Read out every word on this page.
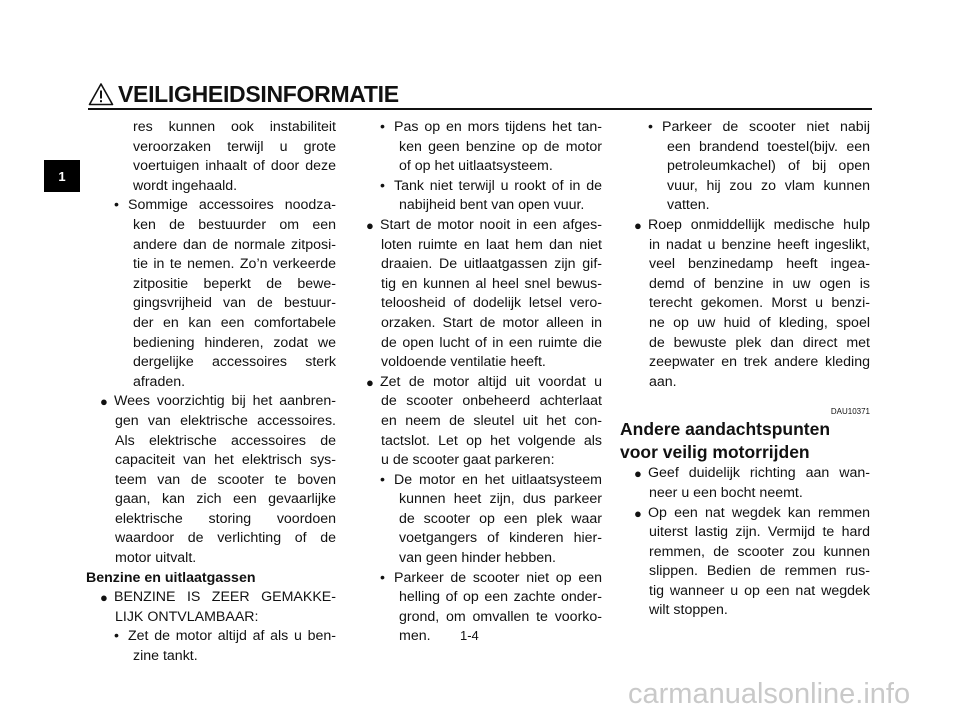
VEILIGHEIDSINFORMATIE
1
res kunnen ook instabiliteit
veroorzaken terwijl u grote
voertuigen inhaalt of door deze
wordt ingehaald.
• Sommige accessoires noodza-
ken de bestuurder om een
andere dan de normale zitposi-
tie in te nemen. Zo’n verkeerde
zitpositie beperkt de bewe-
gingsvrijheid van de bestuur-
der en kan een comfortabele
bediening hinderen, zodat we
dergelijke accessoires sterk
afraden.
● Wees voorzichtig bij het aanbren-
gen van elektrische accessoires.
Als elektrische accessoires de
capaciteit van het elektrisch sys-
teem van de scooter te boven
gaan, kan zich een gevaarlijke
elektrische storing voordoen
waardoor de verlichting of de
motor uitvalt.
Benzine en uitlaatgassen
● BENZINE IS ZEER GEMAKKE-
LIJK ONTVLAMBAAR:
• Zet de motor altijd af als u ben-
zine tankt.
• Pas op en mors tijdens het tan-
ken geen benzine op de motor
of op het uitlaatsysteem.
• Tank niet terwijl u rookt of in de
nabijheid bent van open vuur.
● Start de motor nooit in een afges-
loten ruimte en laat hem dan niet
draaien. De uitlaatgassen zijn gif-
tig en kunnen al heel snel bewus-
teloosheid of dodelijk letsel vero-
orzaken. Start de motor alleen in
de open lucht of in een ruimte die
voldoende ventilatie heeft.
● Zet de motor altijd uit voordat u
de scooter onbeheerd achterlaat
en neem de sleutel uit het con-
tactslot. Let op het volgende als
u de scooter gaat parkeren:
• De motor en het uitlaatsysteem
kunnen heet zijn, dus parkeer
de scooter op een plek waar
voetgangers of kinderen hier-
van geen hinder hebben.
• Parkeer de scooter niet op een
helling of op een zachte onder-
grond, om omvallen te voorko-
men.
• Parkeer de scooter niet nabij
een brandend toestel(bijv. een
petroleumkachel) of bij open
vuur, hij zou zo vlam kunnen
vatten.
● Roep onmiddellijk medische hulp
in nadat u benzine heeft ingeslikt,
veel benzinedamp heeft ingea-
demd of benzine in uw ogen is
terecht gekomen. Morst u benzi-
ne op uw huid of kleding, spoel
de bewuste plek dan direct met
zeepwater en trek andere kleding
aan.
DAU10371
Andere aandachtspunten
voor veilig motorrijden
● Geef duidelijk richting aan wan-
neer u een bocht neemt.
● Op een nat wegdek kan remmen
uiterst lastig zijn. Vermijd te hard
remmen, de scooter zou kunnen
slippen. Bedien de remmen rus-
tig wanneer u op een nat wegdek
wilt stoppen.
1-4
carmanualsonline.info
